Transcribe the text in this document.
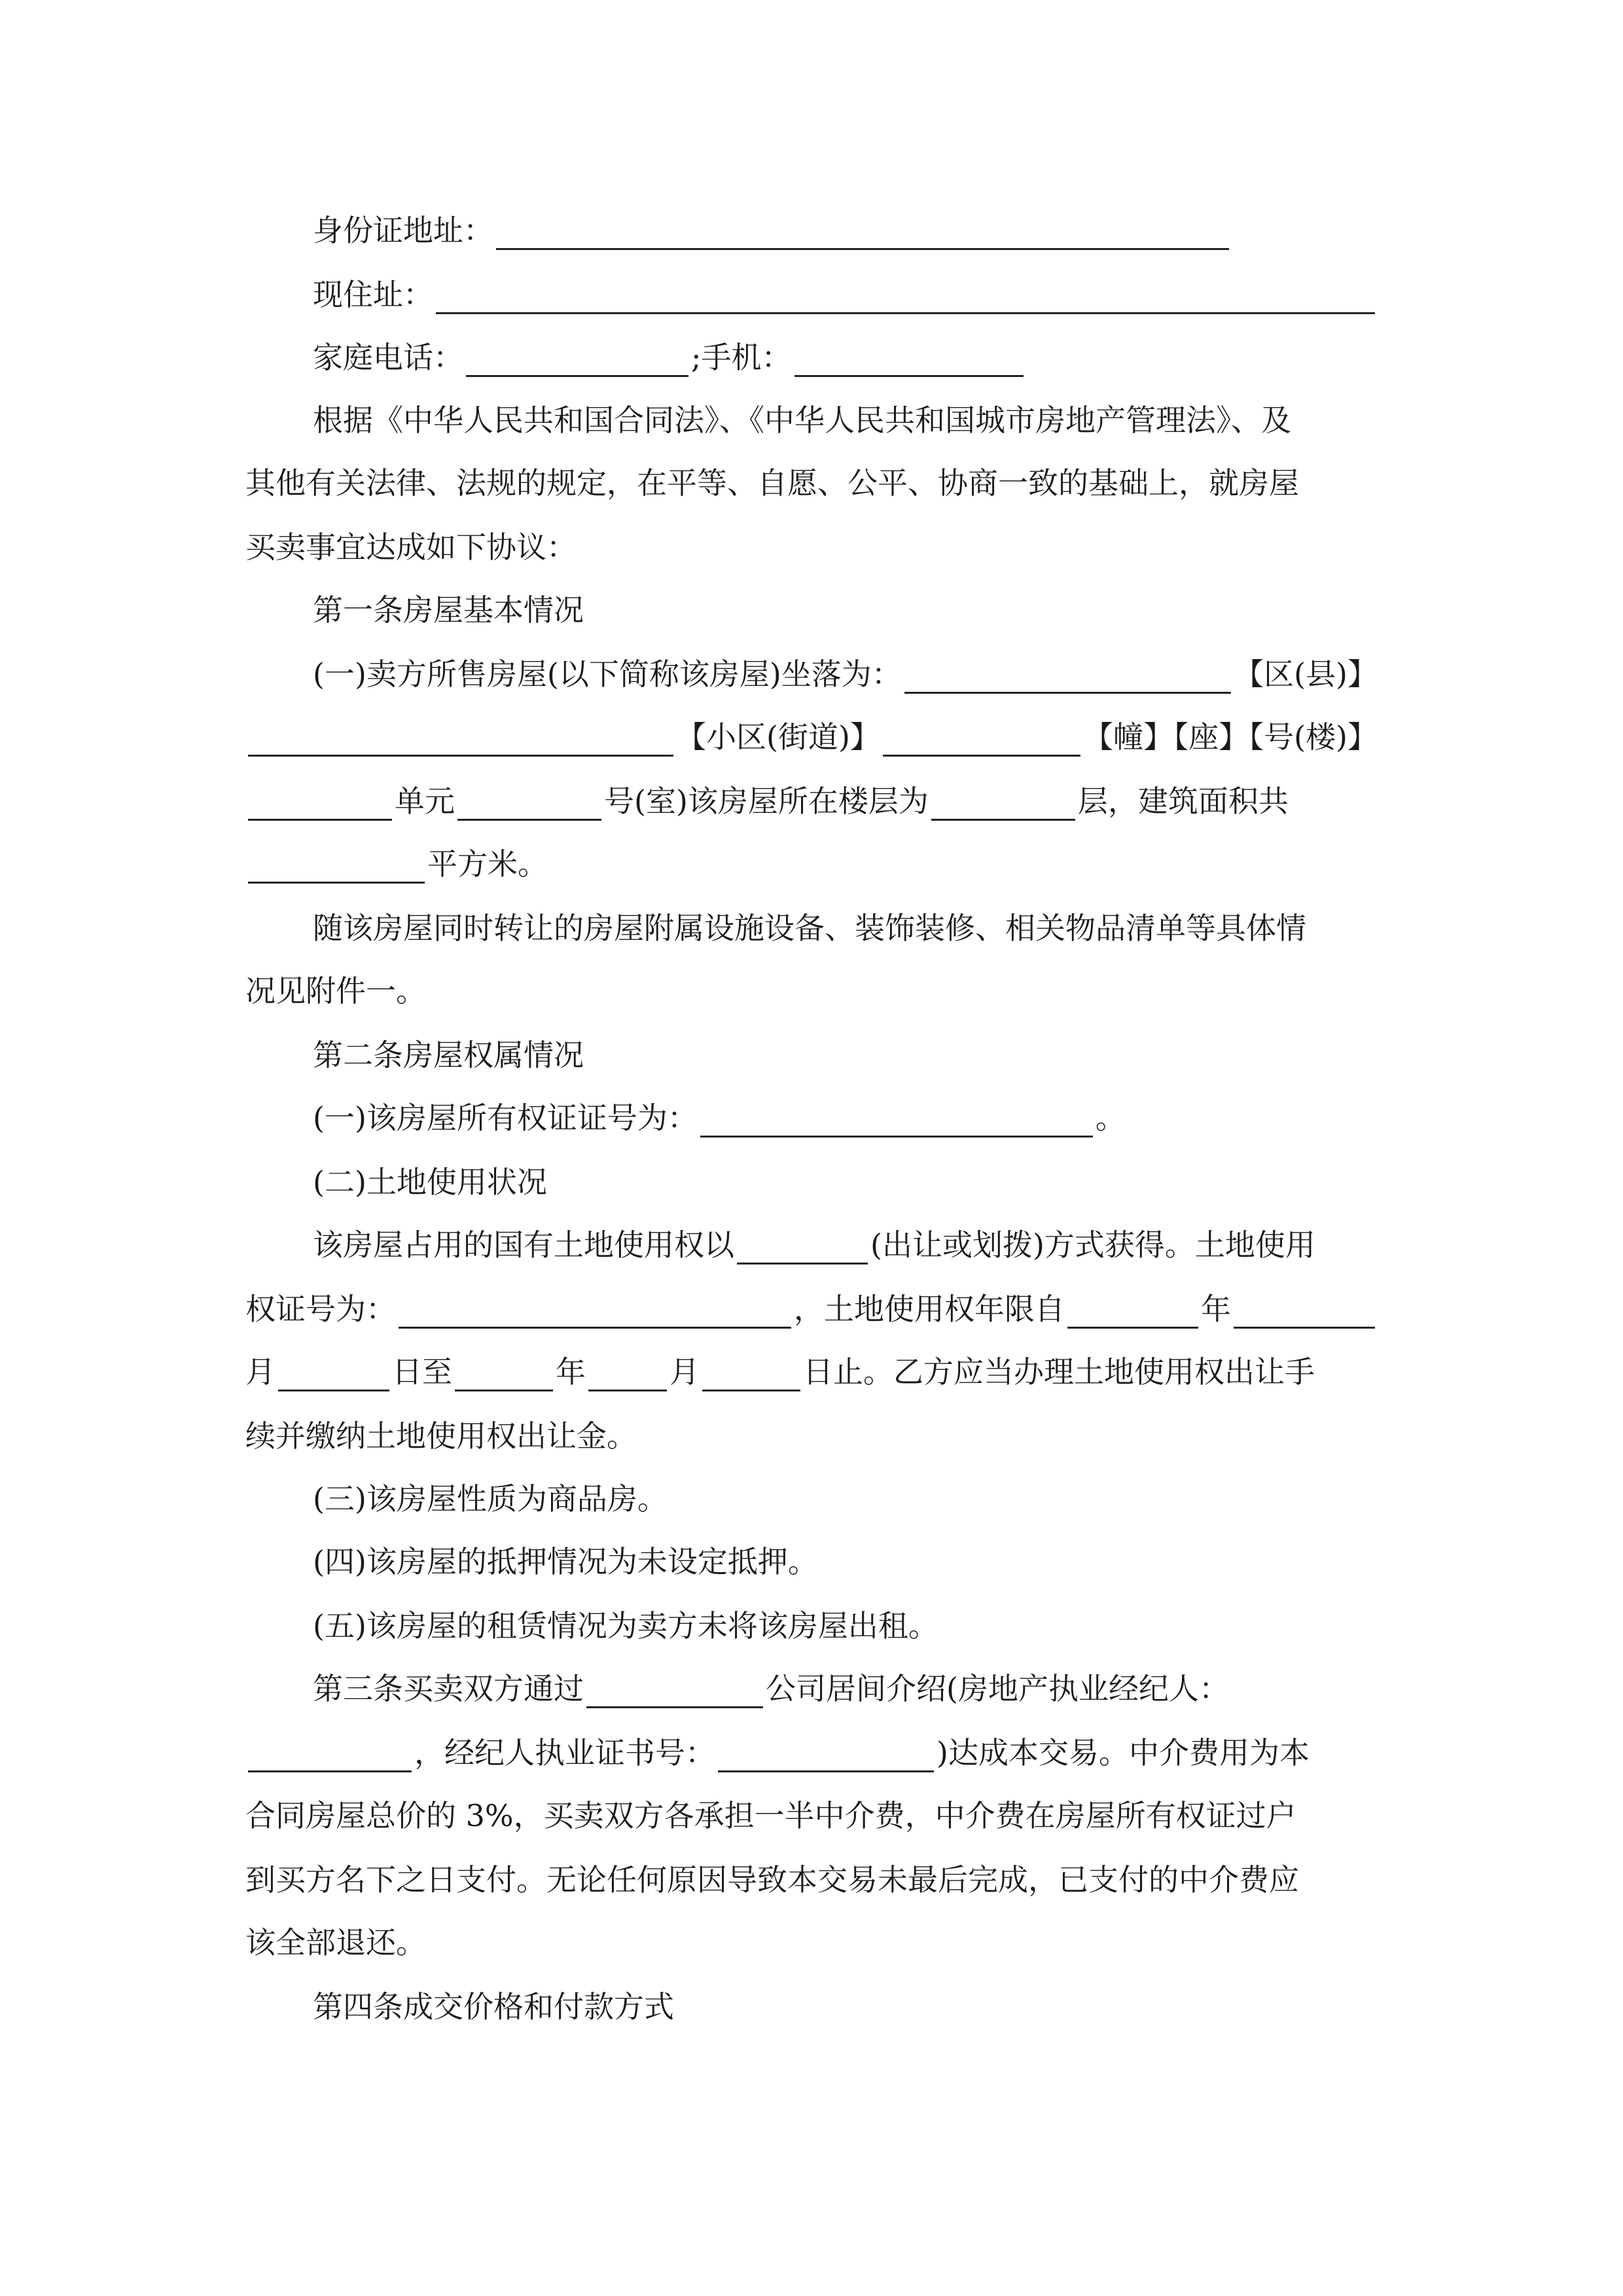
身份证地址：
现住址：
家庭电话：	;手机：
根据《中华人民共和国合同法》、《中华人民共和国城市房地产管理法》、及
其他有关法律、法规的规定，在平等、自愿、公平、协商一致的基础上，就房屋
买卖事宜达成如下协议：
第一条房屋基本情况
(一)卖方所售房屋(以下简称该房屋)坐落为：	【区(县)】
【小区(街道)】	【幢】【座】【号(楼)】
单元	号(室)该房屋所在楼层为	层，建筑面积共
平方米。
随该房屋同时转让的房屋附属设施设备、装饰装修、相关物品清单等具体情
况见附件一。
第二条房屋权属情况
(一)该房屋所有权证证号为：	。
(二)土地使用状况
该房屋占用的国有土地使用权以	(出让或划拨)方式获得。土地使用
权证号为：	，土地使用权年限自	年
月	日至	年	月	日止。乙方应当办理土地使用权出让手
续并缴纳土地使用权出让金。
(三)该房屋性质为商品房。
(四)该房屋的抵押情况为未设定抵押。
(五)该房屋的租赁情况为卖方未将该房屋出租。
第三条买卖双方通过	公司居间介绍(房地产执业经纪人：
，经纪人执业证书号：	)达成本交易。中介费用为本
合同房屋总价的 3%，买卖双方各承担一半中介费，中介费在房屋所有权证过户
到买方名下之日支付。无论任何原因导致本交易未最后完成，已支付的中介费应
该全部退还。
第四条成交价格和付款方式
